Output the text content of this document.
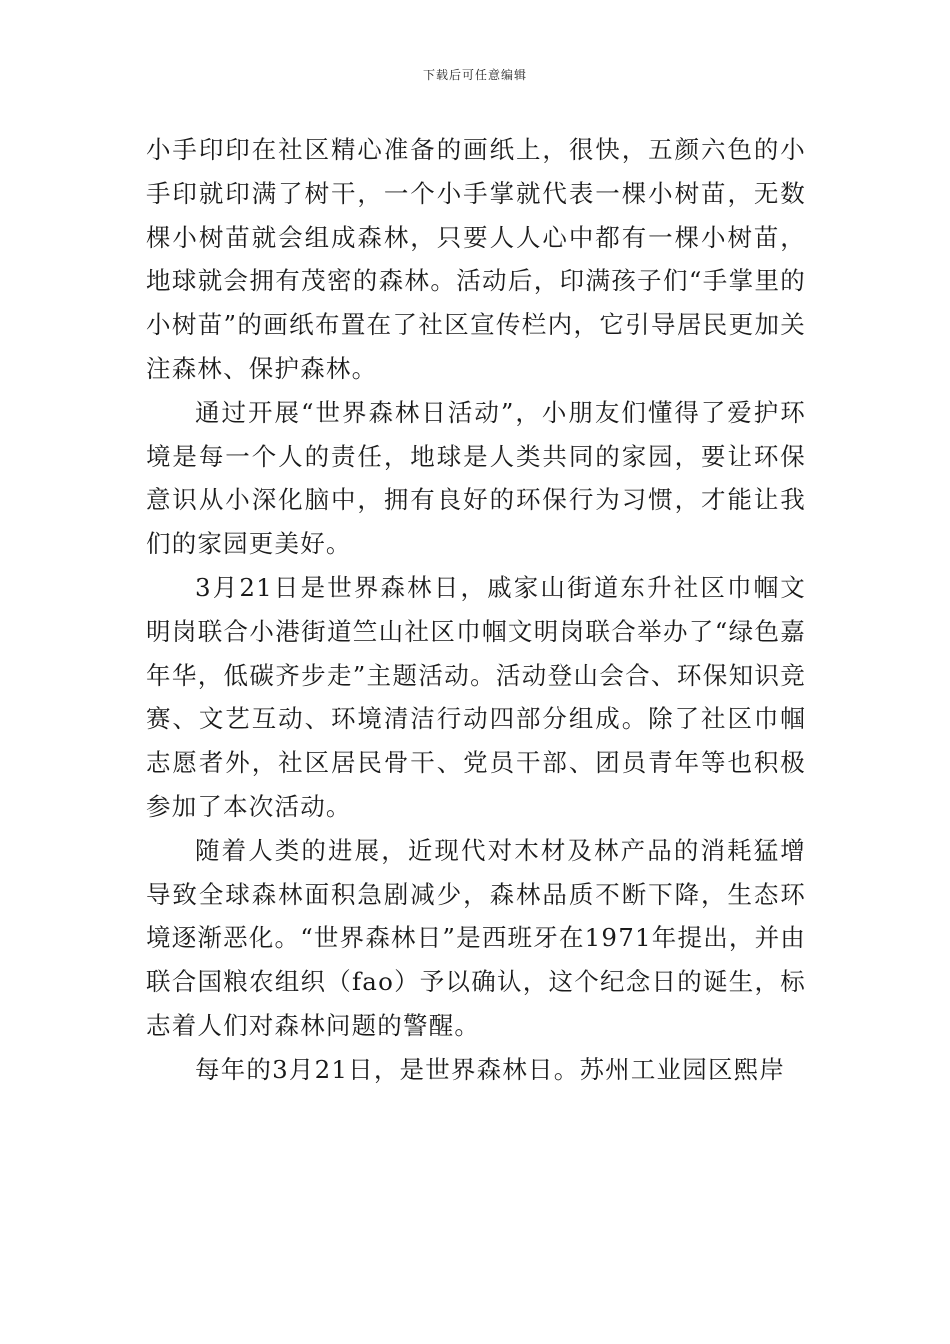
下载后可任意编辑

小手印印在社区精心准备的画纸上，很快，五颜六色的小手印就印满了树干，一个小手掌就代表一棵小树苗，无数棵小树苗就会组成森林，只要人人心中都有一棵小树苗，地球就会拥有茂密的森林。活动后，印满孩子们“手掌里的小树苗”的画纸布置在了社区宣传栏内，它引导居民更加关注森林、保护森林。

通过开展“世界森林日活动”，小朋友们懂得了爱护环境是每一个人的责任，地球是人类共同的家园，要让环保意识从小深化脑中，拥有良好的环保行为习惯，才能让我们的家园更美好。

3月21日是世界森林日，戚家山街道东升社区巾帼文明岗联合小港街道竺山社区巾帼文明岗联合举办了“绿色嘉年华，低碳齐步走”主题活动。活动登山会合、环保知识竞赛、文艺互动、环境清洁行动四部分组成。除了社区巾帼志愿者外，社区居民骨干、党员干部、团员青年等也积极参加了本次活动。

随着人类的进展，近现代对木材及林产品的消耗猛增导致全球森林面积急剧减少，森林品质不断下降，生态环境逐渐恶化。“世界森林日”是西班牙在1971年提出，并由联合国粮农组织（fao）予以确认，这个纪念日的诞生，标志着人们对森林问题的警醒。

每年的3月21日，是世界森林日。苏州工业园区熙岸
